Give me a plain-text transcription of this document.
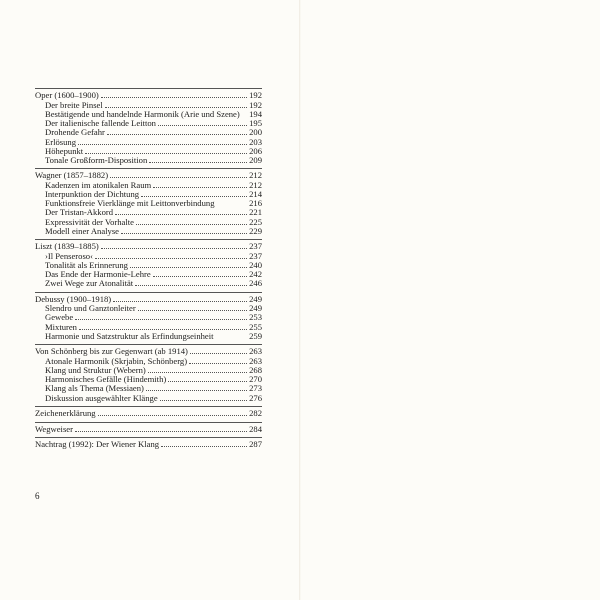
Oper (1600–1900)	192
Der breite Pinsel	192
Bestätigende und handelnde Harmonik (Arie und Szene) 194
Der italienische fallende Leitton	195
Drohende Gefahr	200
Erlösung	203
Höhepunkt	206
Tonale Großform-Disposition	209
Wagner (1857–1882)	212
Kadenzen im atonikalen Raum	212
Interpunktion der Dichtung	214
Funktionsfreie Vierklänge mit Leittonverbindung	216
Der Tristan-Akkord	221
Expressivität der Vorhalte	225
Modell einer Analyse	229
Liszt (1839–1885)	237
›Il Penseroso‹	237
Tonalität als Erinnerung	240
Das Ende der Harmonie-Lehre	242
Zwei Wege zur Atonalität	246
Debussy (1900–1918)	249
Slendro und Ganztonleiter	249
Gewebe	253
Mixturen	255
Harmonie und Satzstruktur als Erfindungseinheit	259
Von Schönberg bis zur Gegenwart (ab 1914)	263
Atonale Harmonik (Skrjabin, Schönberg)	263
Klang und Struktur (Webern)	268
Harmonisches Gefälle (Hindemith)	270
Klang als Thema (Messiaen)	273
Diskussion ausgewählter Klänge	276
Zeichenerklärung	282
Wegweiser	284
Nachtrag (1992): Der Wiener Klang	287
6
